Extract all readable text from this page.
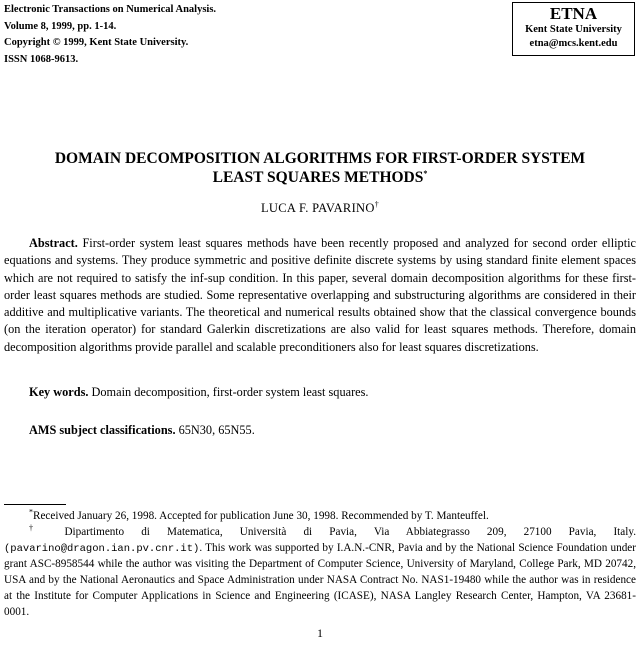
Electronic Transactions on Numerical Analysis.
Volume 8, 1999, pp. 1-14.
Copyright © 1999, Kent State University.
ISSN 1068-9613.
ETNA
Kent State University
etna@mcs.kent.edu
DOMAIN DECOMPOSITION ALGORITHMS FOR FIRST-ORDER SYSTEM
LEAST SQUARES METHODS*
LUCA F. PAVARINO†
Abstract. First-order system least squares methods have been recently proposed and analyzed for second order elliptic equations and systems. They produce symmetric and positive definite discrete systems by using standard finite element spaces which are not required to satisfy the inf-sup condition. In this paper, several domain decomposition algorithms for these first-order least squares methods are studied. Some representative overlapping and substructuring algorithms are considered in their additive and multiplicative variants. The theoretical and numerical results obtained show that the classical convergence bounds (on the iteration operator) for standard Galerkin discretizations are also valid for least squares methods. Therefore, domain decomposition algorithms provide parallel and scalable preconditioners also for least squares discretizations.
Key words. Domain decomposition, first-order system least squares.
AMS subject classifications. 65N30, 65N55.
*Received January 26, 1998. Accepted for publication June 30, 1998. Recommended by T. Manteuffel.
† Dipartimento di Matematica, Università di Pavia, Via Abbiategrasso 209, 27100 Pavia, Italy. (pavarino@dragon.ian.pv.cnr.it). This work was supported by I.A.N.-CNR, Pavia and by the National Science Foundation under grant ASC-8958544 while the author was visiting the Department of Computer Science, University of Maryland, College Park, MD 20742, USA and by the National Aeronautics and Space Administration under NASA Contract No. NAS1-19480 while the author was in residence at the Institute for Computer Applications in Science and Engineering (ICASE), NASA Langley Research Center, Hampton, VA 23681-0001.
1
